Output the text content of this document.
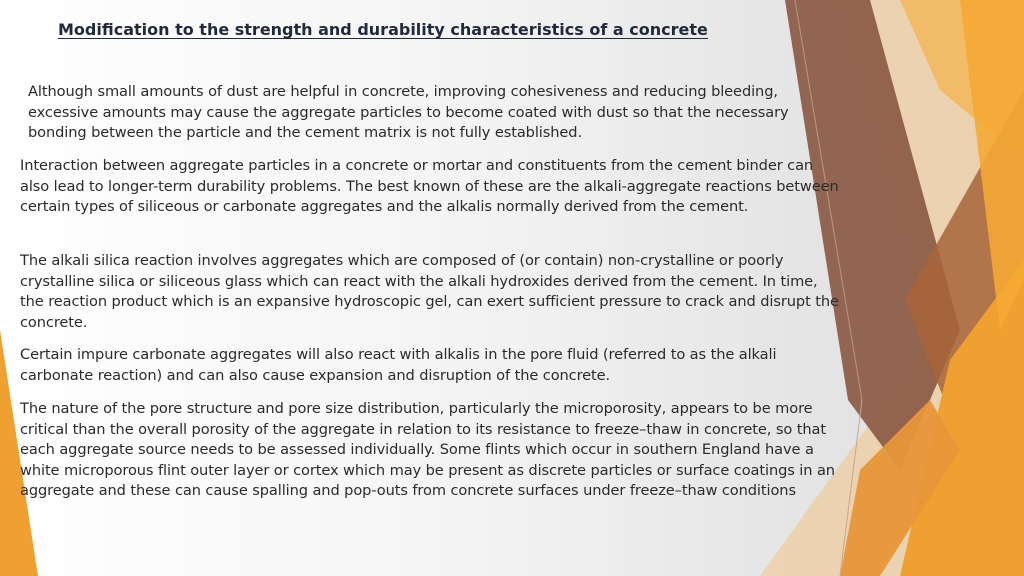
Modification to the strength and durability characteristics of a concrete

Although small amounts of dust are helpful in concrete, improving cohesiveness and reducing bleeding, excessive amounts may cause the aggregate particles to become coated with dust so that the necessary bonding between the particle and the cement matrix is not fully established.

Interaction between aggregate particles in a concrete or mortar and constituents from the cement binder can also lead to longer-term durability problems. The best known of these are the alkali-aggregate reactions between certain types of siliceous or carbonate aggregates and the alkalis normally derived from the cement.

The alkali silica reaction involves aggregates which are composed of (or contain) non-crystalline or poorly crystalline silica or siliceous glass which can react with the alkali hydroxides derived from the cement. In time, the reaction product which is an expansive hydroscopic gel, can exert sufficient pressure to crack and disrupt the concrete.

Certain impure carbonate aggregates will also react with alkalis in the pore fluid (referred to as the alkali carbonate reaction) and can also cause expansion and disruption of the concrete.

The nature of the pore structure and pore size distribution, particularly the microporosity, appears to be more critical than the overall porosity of the aggregate in relation to its resistance to freeze–thaw in concrete, so that each aggregate source needs to be assessed individually. Some flints which occur in southern England have a white microporous flint outer layer or cortex which may be present as discrete particles or surface coatings in an aggregate and these can cause spalling and pop-outs from concrete surfaces under freeze–thaw conditions
